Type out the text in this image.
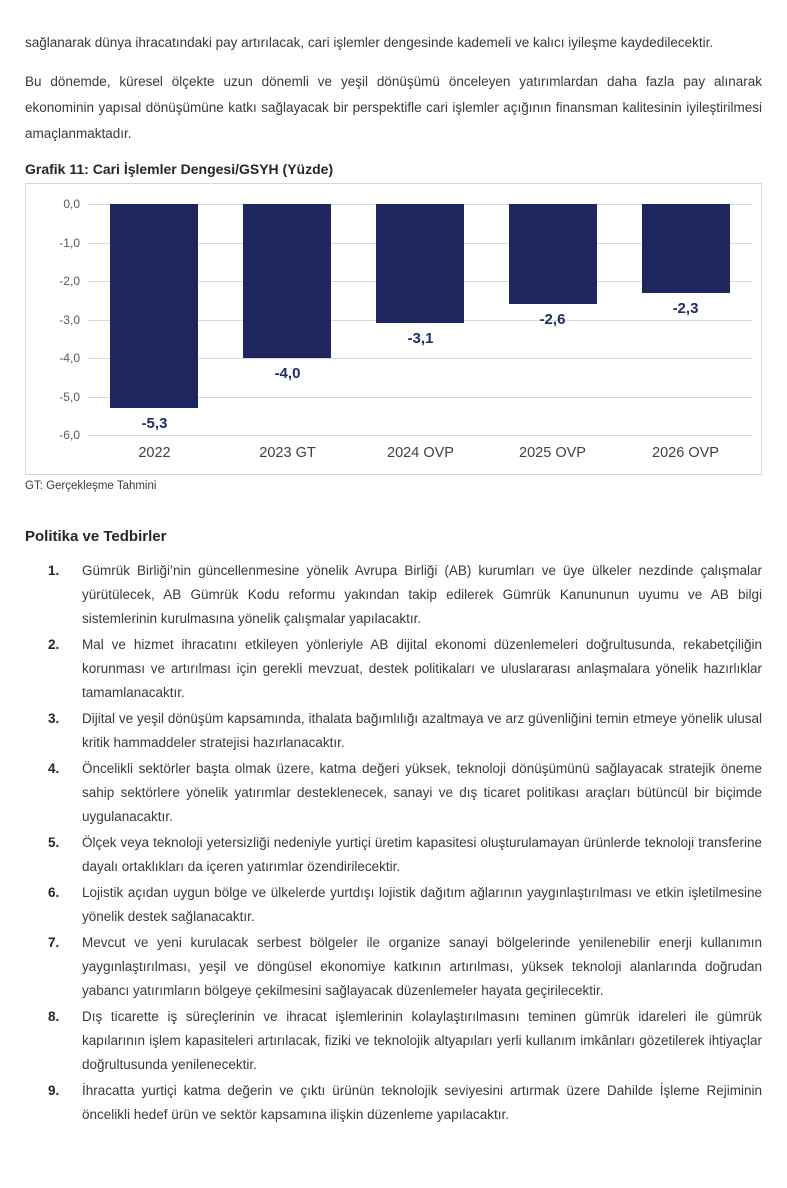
sağlanarak dünya ihracatındaki pay artırılacak, cari işlemler dengesinde kademeli ve kalıcı iyileşme kaydedilecektir.

Bu dönemde, küresel ölçekte uzun dönemli ve yeşil dönüşümü önceleyen yatırımlardan daha fazla pay alınarak ekonominin yapısal dönüşümüne katkı sağlayacak bir perspektifle cari işlemler açığının finansman kalitesinin iyileştirilmesi amaçlanmaktadır.

Grafik 11: Cari İşlemler Dengesi/GSYH (Yüzde)
0,0
-1,0
-2,0
-3,0
-4,0
-5,0
-6,0
-5,3
2022
-4,0
2023 GT
-3,1
2024 OVP
-2,6
2025 OVP
-2,3
2026 OVP
GT: Gerçekleşme Tahmini
Politika ve Tedbirler
1.	Gümrük Birliği’nin güncellenmesine yönelik Avrupa Birliği (AB) kurumları ve üye ülkeler nezdinde çalışmalar yürütülecek, AB Gümrük Kodu reformu yakından takip edilerek Gümrük Kanununun uyumu ve AB bilgi sistemlerinin kurulmasına yönelik çalışmalar yapılacaktır.
2.	Mal ve hizmet ihracatını etkileyen yönleriyle AB dijital ekonomi düzenlemeleri doğrultusunda, rekabetçiliğin korunması ve artırılması için gerekli mevzuat, destek politikaları ve uluslararası anlaşmalara yönelik hazırlıklar tamamlanacaktır.
3.	Dijital ve yeşil dönüşüm kapsamında, ithalata bağımlılığı azaltmaya ve arz güvenliğini temin etmeye yönelik ulusal kritik hammaddeler stratejisi hazırlanacaktır.
4.	Öncelikli sektörler başta olmak üzere, katma değeri yüksek, teknoloji dönüşümünü sağlayacak stratejik öneme sahip sektörlere yönelik yatırımlar desteklenecek, sanayi ve dış ticaret politikası araçları bütüncül bir biçimde uygulanacaktır.
5.	Ölçek veya teknoloji yetersizliği nedeniyle yurtiçi üretim kapasitesi oluşturulamayan ürünlerde teknoloji transferine dayalı ortaklıkları da içeren yatırımlar özendirilecektir.
6.	Lojistik açıdan uygun bölge ve ülkelerde yurtdışı lojistik dağıtım ağlarının yaygınlaştırılması ve etkin işletilmesine yönelik destek sağlanacaktır.
7.	Mevcut ve yeni kurulacak serbest bölgeler ile organize sanayi bölgelerinde yenilenebilir enerji kullanımın yaygınlaştırılması, yeşil ve döngüsel ekonomiye katkının artırılması, yüksek teknoloji alanlarında doğrudan yabancı yatırımların bölgeye çekilmesini sağlayacak düzenlemeler hayata geçirilecektir.
8.	Dış ticarette iş süreçlerinin ve ihracat işlemlerinin kolaylaştırılmasını teminen gümrük idareleri ile gümrük kapılarının işlem kapasiteleri artırılacak, fiziki ve teknolojik altyapıları yerli kullanım imkânları gözetilerek ihtiyaçlar doğrultusunda yenilenecektir.
9.	İhracatta yurtiçi katma değerin ve çıktı ürünün teknolojik seviyesini artırmak üzere Dahilde İşleme Rejiminin öncelikli hedef ürün ve sektör kapsamına ilişkin düzenleme yapılacaktır.
